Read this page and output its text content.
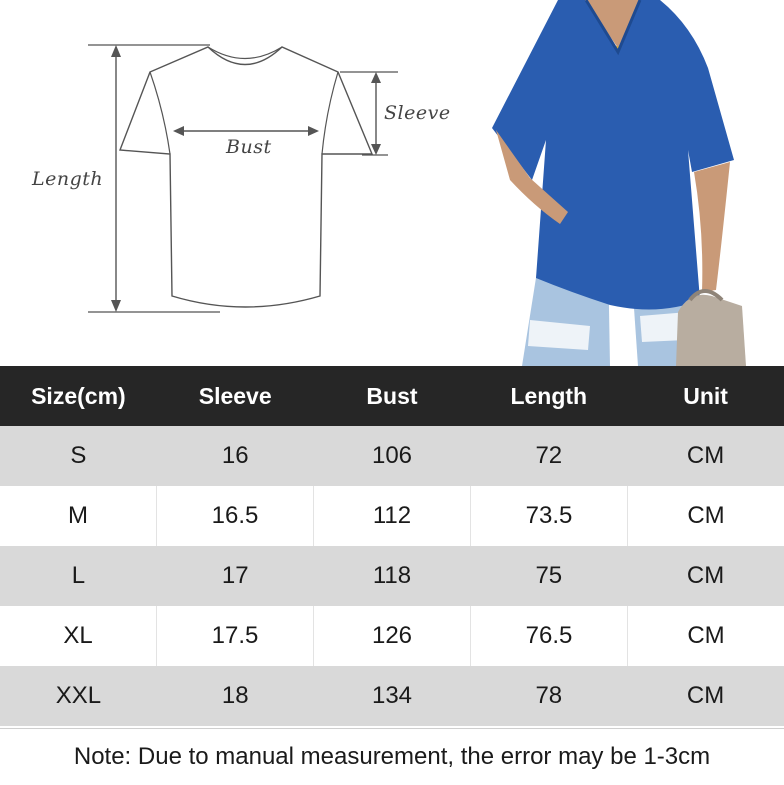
Length
Bust
Sleeve
Size(cm)	Sleeve	Bust	Length	Unit
S	16	106	72	CM
M	16.5	112	73.5	CM
L	17	118	75	CM
XL	17.5	126	76.5	CM
XXL	18	134	78	CM
Note: Due to manual measurement, the error may be 1-3cm
